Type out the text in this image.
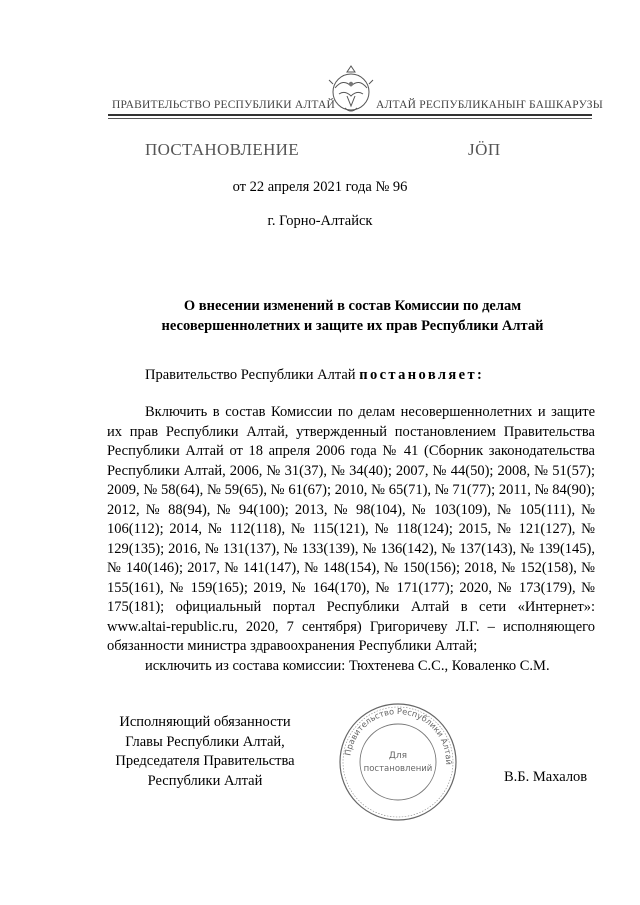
ПРАВИТЕЛЬСТВО РЕСПУБЛИКИ АЛТАЙ	АЛТАЙ РЕСПУБЛИКАНЫҤ БАШКАРУЗЫ
ПОСТАНОВЛЕНИЕ	ЈӦП
от 22 апреля 2021 года № 96
г. Горно-Алтайск
О внесении изменений в состав Комиссии по делам
несовершеннолетних и защите их прав Республики Алтай
Правительство Республики Алтай постановляет:

Включить в состав Комиссии по делам несовершеннолетних и защите их прав Республики Алтай, утвержденный постановлением Правительства Республики Алтай от 18 апреля 2006 года № 41 (Сборник законодательства Республики Алтай, 2006, № 31(37), № 34(40); 2007, № 44(50); 2008, № 51(57); 2009, № 58(64), № 59(65), № 61(67); 2010, № 65(71), № 71(77); 2011, № 84(90); 2012, № 88(94), № 94(100); 2013, № 98(104), № 103(109), № 105(111), № 106(112); 2014, № 112(118), № 115(121), № 118(124); 2015, № 121(127), № 129(135); 2016, № 131(137), № 133(139), № 136(142), № 137(143), № 139(145), № 140(146); 2017, № 141(147), № 148(154), № 150(156); 2018, № 152(158), № 155(161), № 159(165); 2019, № 164(170), № 171(177); 2020, № 173(179), № 175(181); официальный портал Республики Алтай в сети «Интернет»: www.altai-republic.ru, 2020, 7 сентября) Григоричеву Л.Г. – исполняющего обязанности министра здравоохранения Республики Алтай;

исключить из состава комиссии: Тюхтенева С.С., Коваленко С.М.

Исполняющий обязанности
Главы Республики Алтай,
Председателя Правительства
Республики Алтай	В.Б. Махалов
Правительство Республики Алтай
Для
постановлений
